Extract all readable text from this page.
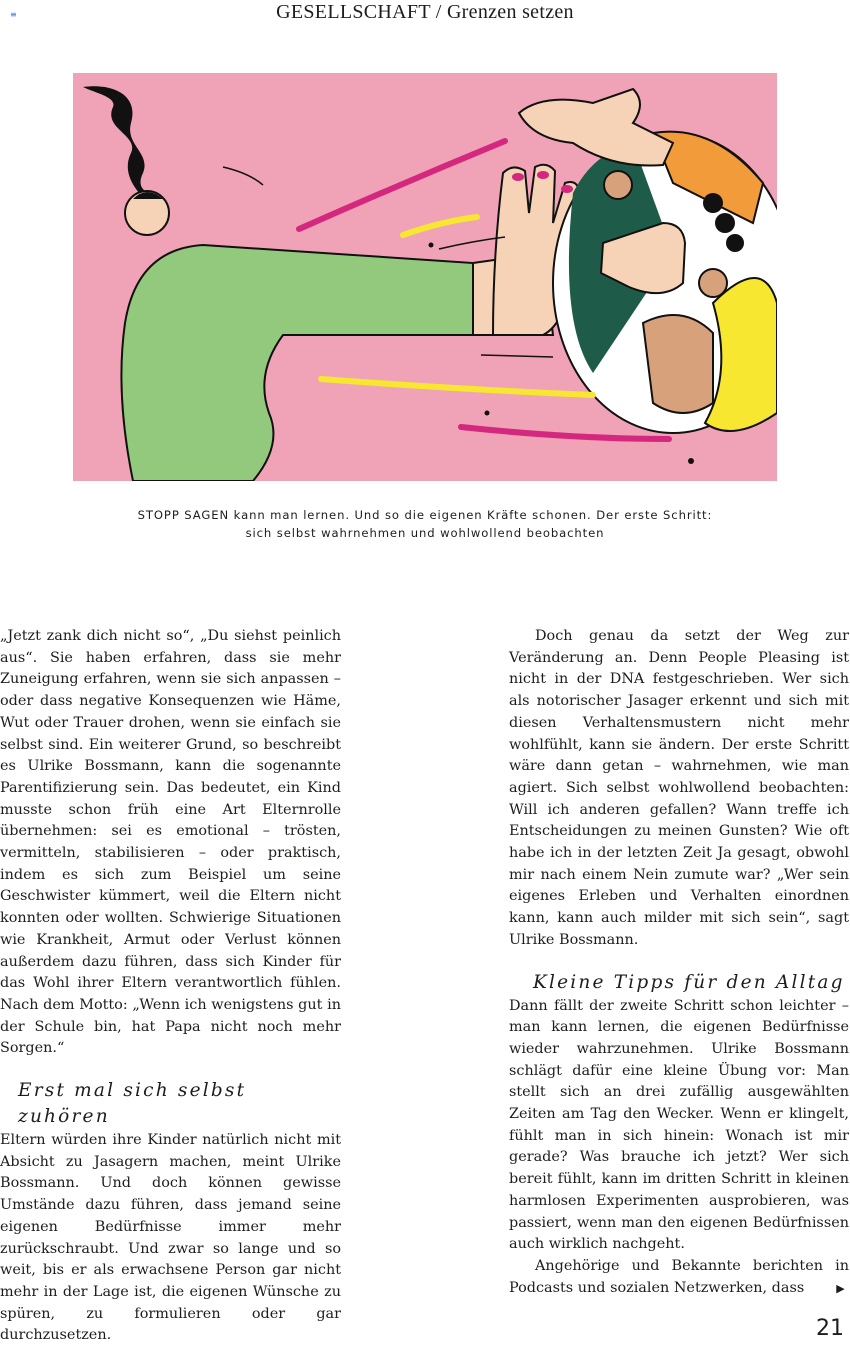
≡	GESELLSCHAFT / Grenzen setzen
STOPP SAGEN kann man lernen. Und so die eigenen Kräfte schonen. Der erste Schritt:
sich selbst wahrnehmen und wohlwollend beobachten

„Jetzt zank dich nicht so“, „Du siehst peinlich aus“. Sie haben erfahren, dass sie mehr Zuneigung erfahren, wenn sie sich anpassen – oder dass negative Konsequenzen wie Häme, Wut oder Trauer drohen, wenn sie einfach sie selbst sind. Ein weiterer Grund, so beschreibt es Ulrike Bossmann, kann die sogenannte Parentifizierung sein. Das bedeutet, ein Kind musste schon früh eine Art Elternrolle übernehmen: sei es emotional – trösten, vermitteln, stabilisieren – oder praktisch, indem es sich zum Beispiel um seine Geschwister kümmert, weil die Eltern nicht konnten oder wollten. Schwierige Situationen wie Krankheit, Armut oder Verlust können außerdem dazu führen, dass sich Kinder für das Wohl ihrer Eltern verantwortlich fühlen. Nach dem Motto: „Wenn ich wenigstens gut in der Schule bin, hat Papa nicht noch mehr Sorgen.“

Erst mal sich selbst zuhören

Eltern würden ihre Kinder natürlich nicht mit Absicht zu Jasagern machen, meint Ulrike Bossmann. Und doch können gewisse Umstände dazu führen, dass jemand seine eigenen Bedürfnisse immer mehr zurückschraubt. Und zwar so lange und so weit, bis er als erwachsene Person gar nicht mehr in der Lage ist, die eigenen Wünsche zu spüren, zu formulieren oder gar durchzusetzen.

Doch genau da setzt der Weg zur Veränderung an. Denn People Pleasing ist nicht in der DNA festgeschrieben. Wer sich als notorischer Jasager erkennt und sich mit diesen Verhaltensmustern nicht mehr wohlfühlt, kann sie ändern. Der erste Schritt wäre dann getan – wahrnehmen, wie man agiert. Sich selbst wohlwollend beobachten: Will ich anderen gefallen? Wann treffe ich Entscheidungen zu meinen Gunsten? Wie oft habe ich in der letzten Zeit Ja gesagt, obwohl mir nach einem Nein zumute war? „Wer sein eigenes Erleben und Verhalten einordnen kann, kann auch milder mit sich sein“, sagt Ulrike Bossmann.

Kleine Tipps für den Alltag

Dann fällt der zweite Schritt schon leichter – man kann lernen, die eigenen Bedürfnisse wieder wahrzunehmen. Ulrike Bossmann schlägt dafür eine kleine Übung vor: Man stellt sich an drei zufällig ausgewählten Zeiten am Tag den Wecker. Wenn er klingelt, fühlt man in sich hinein: Wonach ist mir gerade? Was brauche ich jetzt? Wer sich bereit fühlt, kann im dritten Schritt in kleinen harmlosen Experimenten ausprobieren, was passiert, wenn man den eigenen Bedürfnissen auch wirklich nachgeht.

Angehörige und Bekannte berichten in Podcasts und sozialen Netzwerken, dass	▶

21
